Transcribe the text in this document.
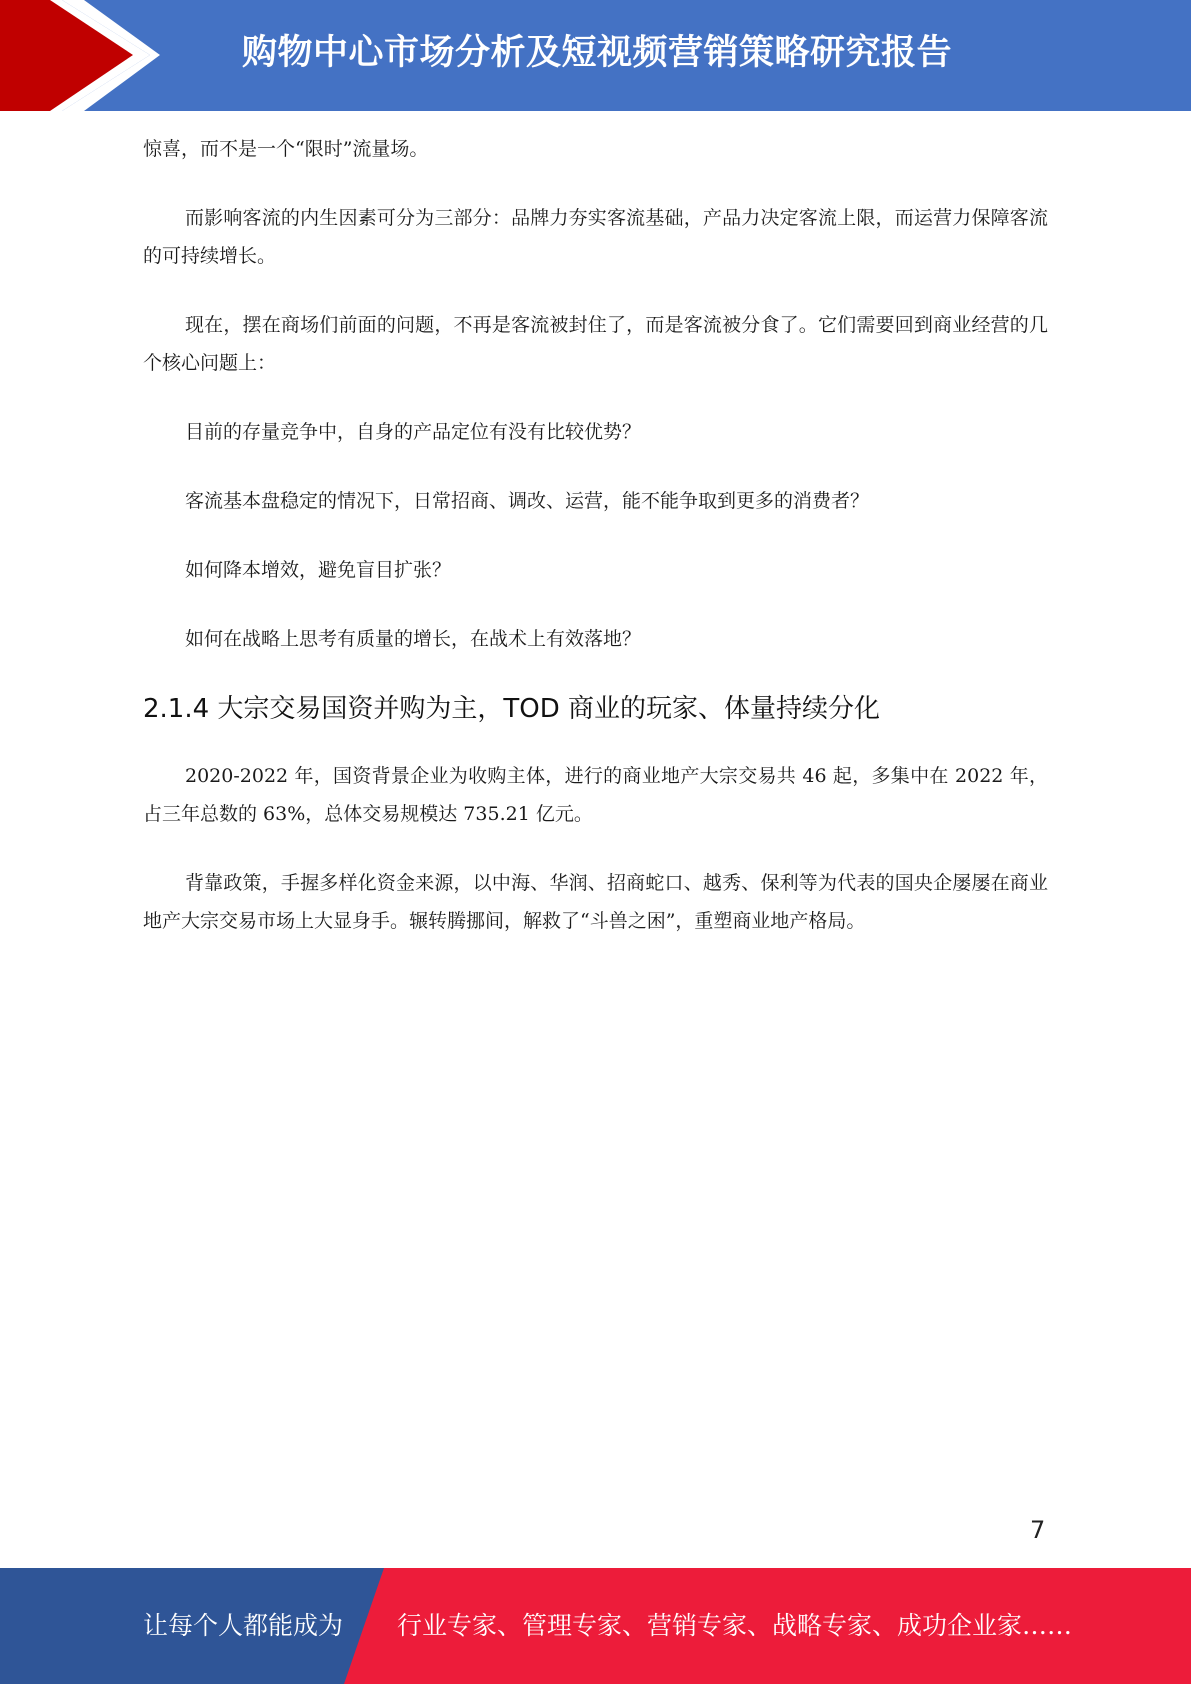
购物中心市场分析及短视频营销策略研究报告

惊喜，而不是一个“限时”流量场。

而影响客流的内生因素可分为三部分：品牌力夯实客流基础，产品力决定客流上限，而运营力保障客流的可持续增长。

现在，摆在商场们前面的问题，不再是客流被封住了，而是客流被分食了。它们需要回到商业经营的几个核心问题上：

目前的存量竞争中，自身的产品定位有没有比较优势？

客流基本盘稳定的情况下，日常招商、调改、运营，能不能争取到更多的消费者？

如何降本增效，避免盲目扩张？

如何在战略上思考有质量的增长，在战术上有效落地？

2.1.4 大宗交易国资并购为主，TOD 商业的玩家、体量持续分化

2020-2022 年，国资背景企业为收购主体，进行的商业地产大宗交易共 46 起，多集中在 2022 年，占三年总数的 63%，总体交易规模达 735.21 亿元。

背靠政策，手握多样化资金来源，以中海、华润、招商蛇口、越秀、保利等为代表的国央企屡屡在商业地产大宗交易市场上大显身手。辗转腾挪间，解救了“斗兽之困”，重塑商业地产格局。

7
让每个人都能成为 行业专家、管理专家、营销专家、战略专家、成功企业家……
